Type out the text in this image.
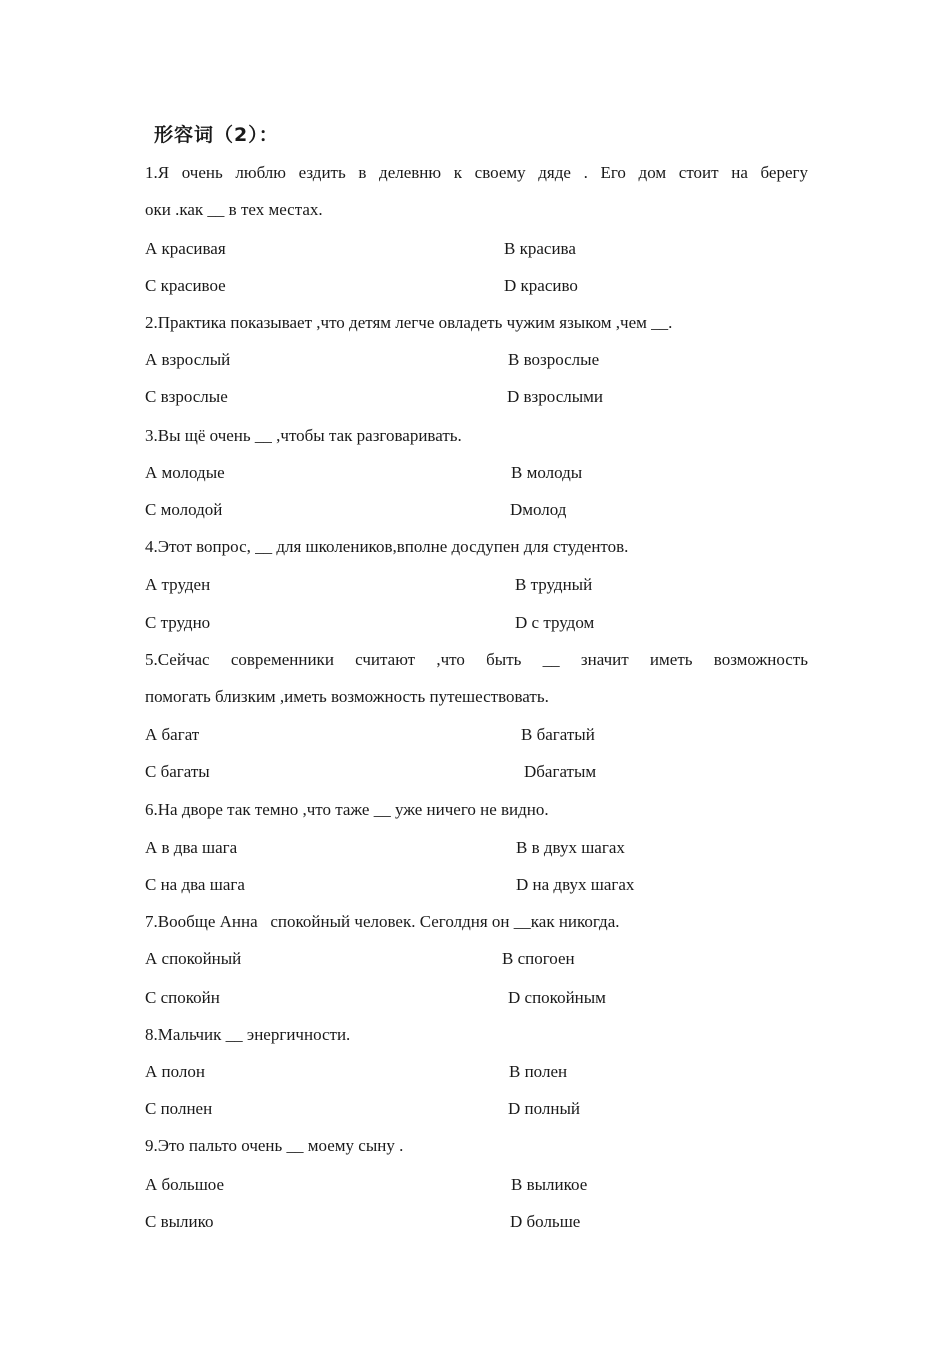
形容词（2）：
1.Я очень люблю ездить в делевню к своему дяде . Его дом стоит на берегу
оки .как __ в тех местах.
А красивая	В красива
С красивое	D красиво
2.Практика показывает ,что детям легче овладеть чужим языком ,чем __.
А взрослый	В возрослые
С взрослые	D взрослыми
3.Вы щё очень __ ,чтобы так разговаривать.
А молодые	В молоды
С молодой	Dмолод
4.Этот вопрос, __ для школеников,вполне досдупен для студентов.
А труден	В трудный
С трудно	D с трудом
5.Сейчас современники считают ,что быть __ значит иметь возможность
помогать близким ,иметь возможность путешествовать.
А багат	В багатый
С багаты	Dбагатым
6.На дворе так темно ,что таже __ уже ничего не видно.
А в два шага	В в двух шагах
С на два шага	D на двух шагах
7.Вообще Анна   спокойный человек. Сеголдня он __как никогда.
А спокойный	В спогоен
С спокойн	D спокойным
8.Мальчик __ энергичности.
А полон	В полен
С полнен	D полный
9.Это пальто очень __ моему сыну .
А большое	В выликое
С вылико	D больше
